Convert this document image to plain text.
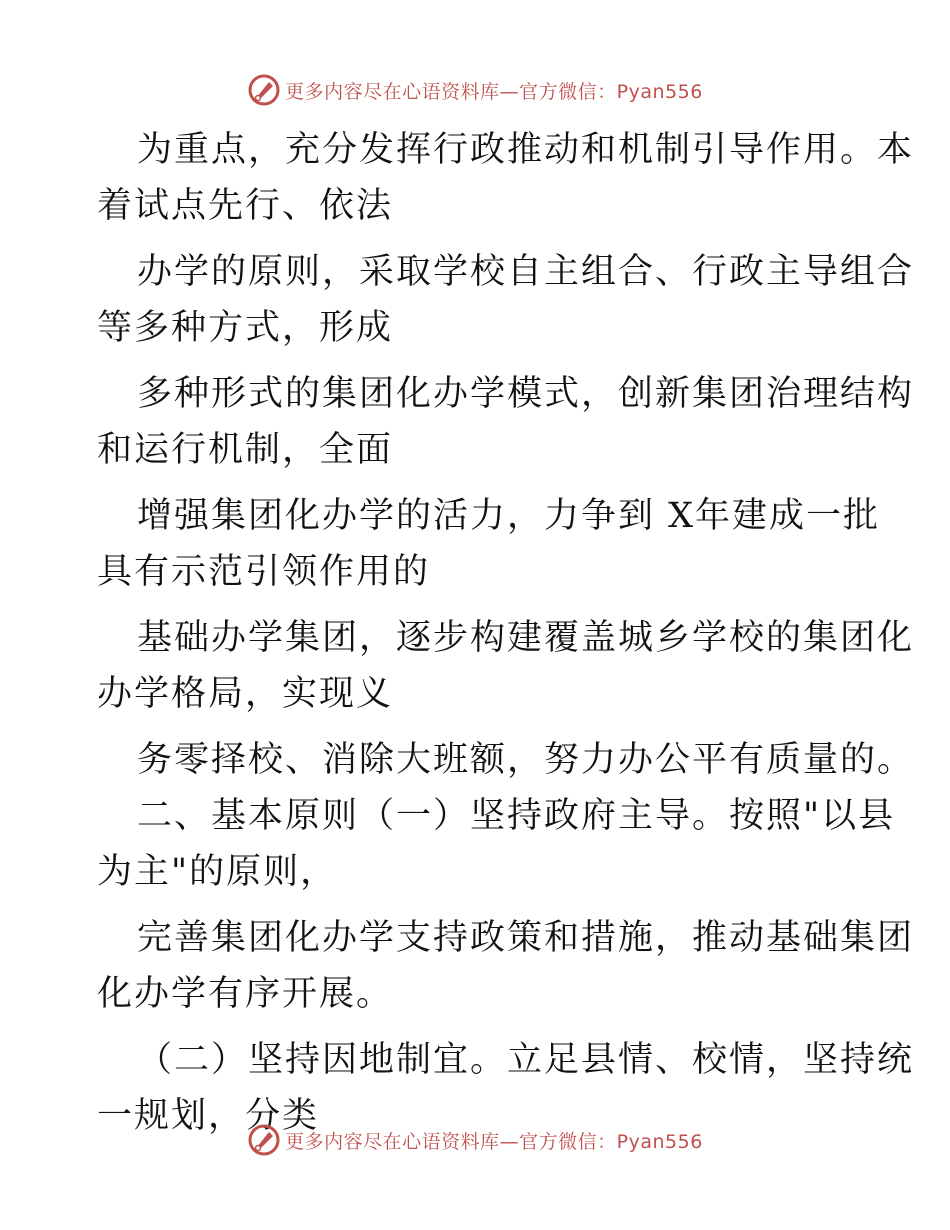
更多内容尽在心语资料库—官方微信：Pyan556

为重点，充分发挥行政推动和机制引导作用。本

着试点先行、依法

办学的原则，采取学校自主组合、行政主导组合

等多种方式，形成

多种形式的集团化办学模式，创新集团治理结构

和运行机制，全面

增强集团化办学的活力，力争到 X年建成一批

具有示范引领作用的

基础办学集团，逐步构建覆盖城乡学校的集团化

办学格局，实现义

务零择校、消除大班额，努力办公平有质量的。

二、基本原则（一）坚持政府主导。按照"以县

为主"的原则，

完善集团化办学支持政策和措施，推动基础集团

化办学有序开展。

（二）坚持因地制宜。立足县情、校情，坚持统

一规划，分类

更多内容尽在心语资料库—官方微信：Pyan556
